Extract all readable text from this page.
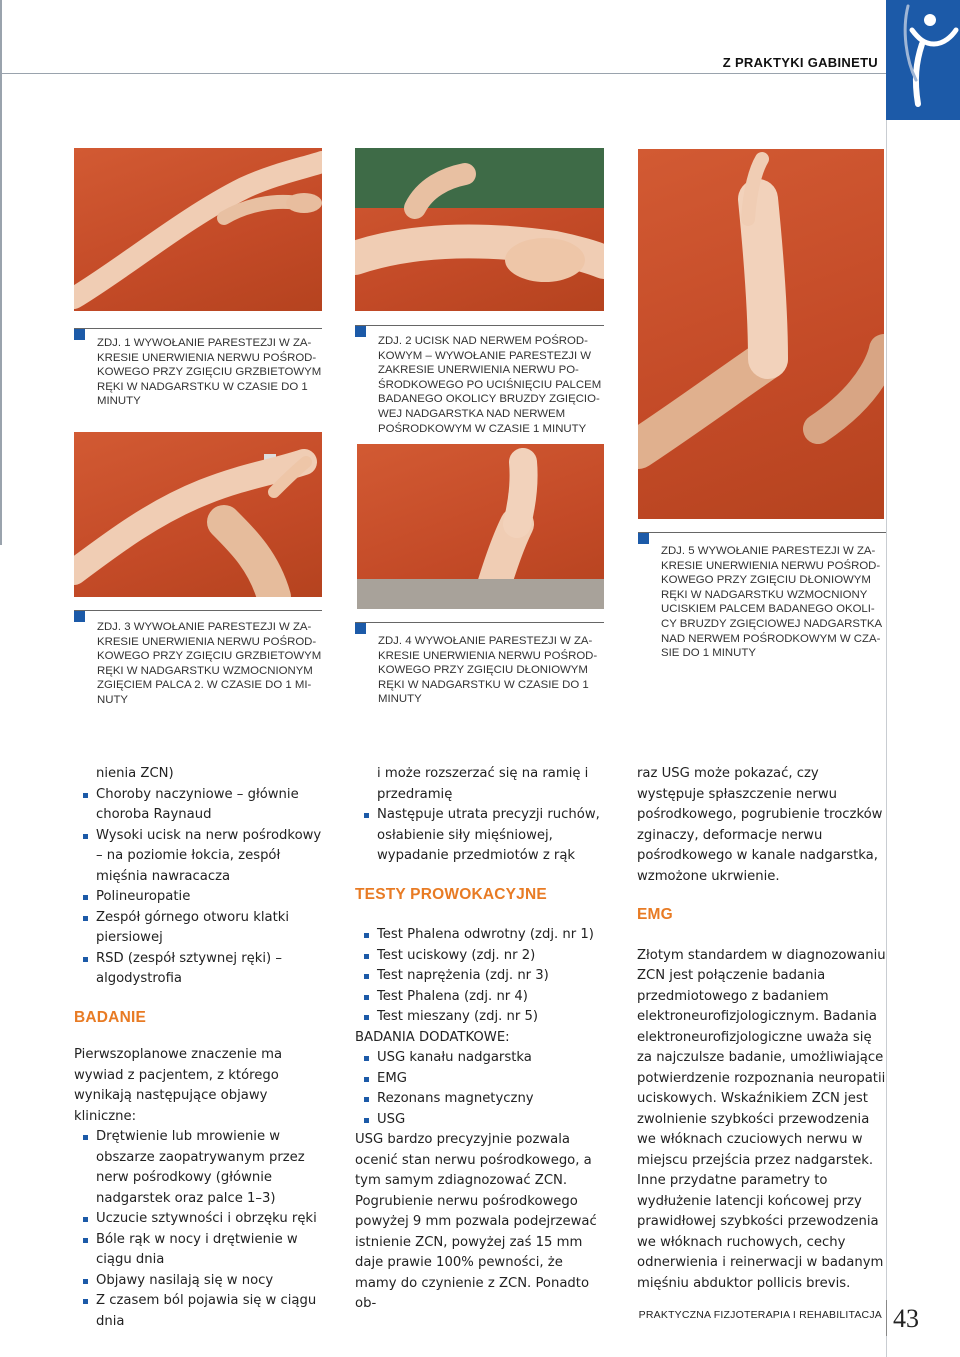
Z PRAKTYKI GABINETU
ZDJ. 1 WYWOŁANIE PARESTEZJI W ZA-KRESIE UNERWIENIA NERWU POŚROD-KOWEGO PRZY ZGIĘCIU GRZBIETOWYM RĘKI W NADGARSTKU W CZASIE DO 1 MINUTY
ZDJ. 2 UCISK NAD NERWEM POŚROD-KOWYM – WYWOŁANIE PARESTEZJI W ZAKRESIE UNERWIENIA NERWU PO-ŚRODKOWEGO PO UCIŚNIĘCIU PALCEM BADANEGO OKOLICY BRUZDY ZGIĘCIO-WEJ NADGARSTKA NAD NERWEM POŚRODKOWYM W CZASIE 1 MINUTY
ZDJ. 3 WYWOŁANIE PARESTEZJI W ZA-KRESIE UNERWIENIA NERWU POŚROD-KOWEGO PRZY ZGIĘCIU GRZBIETOWYM RĘKI W NADGARSTKU WZMOCNIONYM ZGIĘCIEM PALCA 2. W CZASIE DO 1 MI-NUTY
ZDJ. 4 WYWOŁANIE PARESTEZJI W ZA-KRESIE UNERWIENIA NERWU POŚROD-KOWEGO PRZY ZGIĘCIU DŁONIOWYM RĘKI W NADGARSTKU W CZASIE DO 1 MINUTY
ZDJ. 5 WYWOŁANIE PARESTEZJI W ZA-KRESIE UNERWIENIA NERWU POŚROD-KOWEGO PRZY ZGIĘCIU DŁONIOWYM RĘKI W NADGARSTKU WZMOCNIONY UCISKIEM PALCEM BADANEGO OKOLI-CY BRUZDY ZGIĘCIOWEJ NADGARSTKA NAD NERWEM POŚRODKOWYM W CZA-SIE DO 1 MINUTY

nienia ZCN)

Choroby naczyniowe – głównie choroba Raynaud
Wysoki ucisk na nerw pośrodkowy – na poziomie łokcia, zespół mięśnia nawracacza
Polineuropatie
Zespół górnego otworu klatki piersiowej
RSD (zespół sztywnej ręki) – algodystrofia
BADANIE

Pierwszoplanowe znaczenie ma wywiad z pacjentem, z którego wynikają następujące objawy kliniczne:

Drętwienie lub mrowienie w obszarze zaopatrywanym przez nerw pośrodkowy (głównie nadgarstek oraz palce 1–3)
Uczucie sztywności i obrzęku ręki
Bóle rąk w nocy i drętwienie w ciągu dnia
Objawy nasilają się w nocy
Z czasem ból pojawia się w ciągu dnia

i może rozszerzać się na ramię i przedramię

Następuje utrata precyzji ruchów, osłabienie siły mięśniowej, wypadanie przedmiotów z rąk
TESTY PROWOKACYJNE
Test Phalena odwrotny (zdj. nr 1)
Test uciskowy (zdj. nr 2)
Test naprężenia (zdj. nr 3)
Test Phalena (zdj. nr 4)
Test mieszany (zdj. nr 5)

BADANIA DODATKOWE:

USG kanału nadgarstka
EMG
Rezonans magnetyczny
USG

USG bardzo precyzyjnie pozwala ocenić stan nerwu pośrodkowego, a tym samym zdiagnozować ZCN. Pogrubienie nerwu pośrodkowego powyżej 9 mm pozwala podejrzewać istnienie ZCN, powyżej zaś 15 mm daje prawie 100% pewności, że mamy do czynienie z ZCN. Ponadto ob-

raz USG może pokazać, czy występuje spłaszczenie nerwu pośrodkowego, pogrubienie troczków zginaczy, deformacje nerwu pośrodkowego w kanale nadgarstka, wzmożone ukrwienie.

EMG

Złotym standardem w diagnozowaniu ZCN jest połączenie badania przedmiotowego z badaniem elektroneurofizjologicznym. Badania elektroneurofizjologiczne uważa się za najczulsze badanie, umożliwiające potwierdzenie rozpoznania neuropatii uciskowych. Wskaźnikiem ZCN jest zwolnienie szybkości przewodzenia we włóknach czuciowych nerwu w miejscu przejścia przez nadgarstek. Inne przydatne parametry to wydłużenie latencji końcowej przy prawidłowej szybkości przewodzenia we włóknach ruchowych, cechy odnerwienia i reinerwacji w badanym mięśniu abduktor pollicis brevis.

PRAKTYCZNA FIZJOTERAPIA I REHABILITACJA 43
